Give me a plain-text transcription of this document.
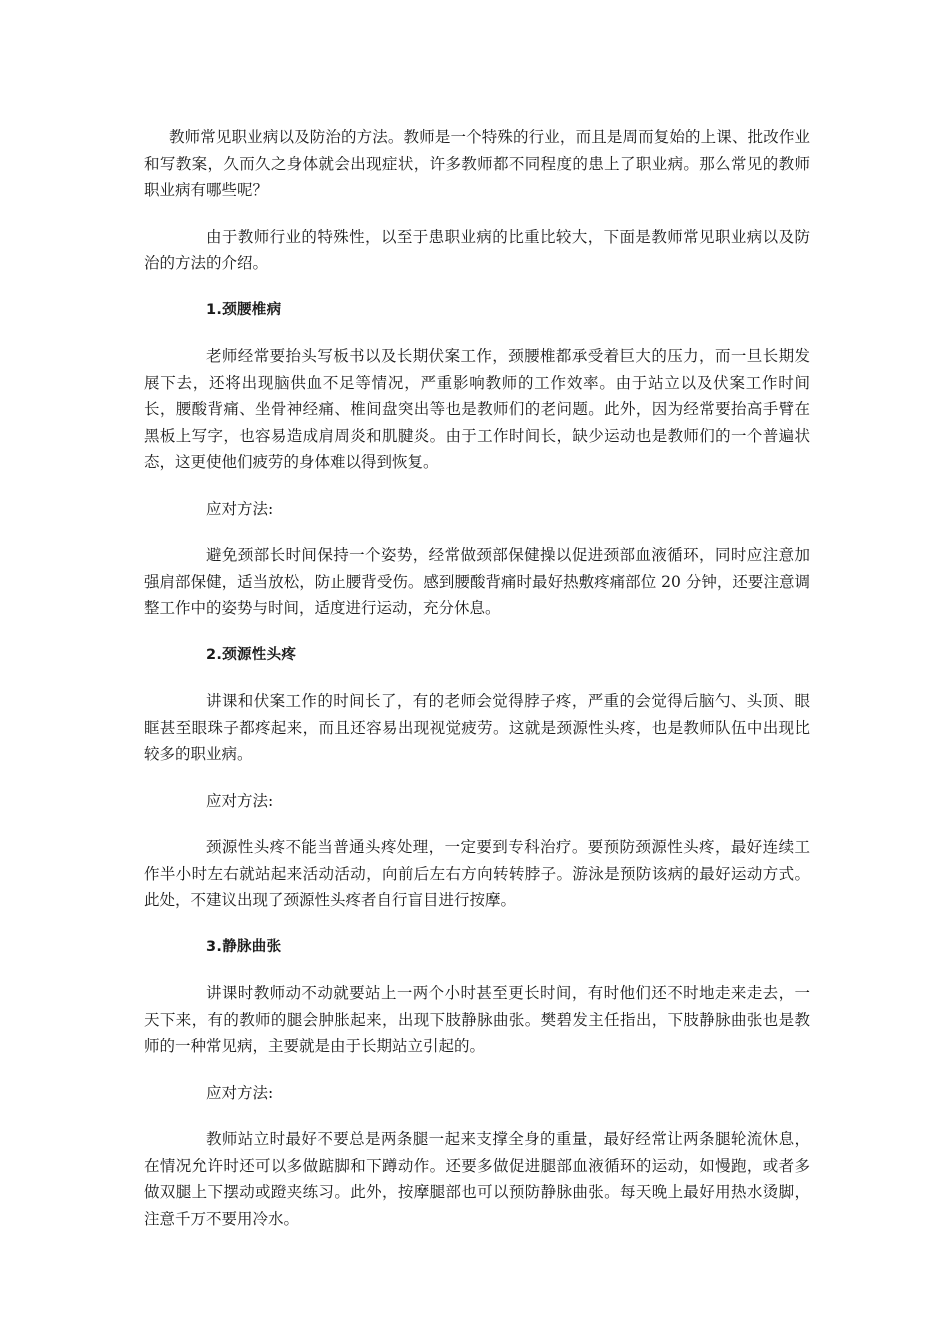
教师常见职业病以及防治的方法。教师是一个特殊的行业，而且是周而复始的上课、批改作业和写教案，久而久之身体就会出现症状，许多教师都不同程度的患上了职业病。那么常见的教师职业病有哪些呢？

由于教师行业的特殊性，以至于患职业病的比重比较大，下面是教师常见职业病以及防治的方法的介绍。

1.颈腰椎病

老师经常要抬头写板书以及长期伏案工作，颈腰椎都承受着巨大的压力，而一旦长期发展下去，还将出现脑供血不足等情况，严重影响教师的工作效率。由于站立以及伏案工作时间长，腰酸背痛、坐骨神经痛、椎间盘突出等也是教师们的老问题。此外，因为经常要抬高手臂在黑板上写字，也容易造成肩周炎和肌腱炎。由于工作时间长，缺少运动也是教师们的一个普遍状态，这更使他们疲劳的身体难以得到恢复。

应对方法:

避免颈部长时间保持一个姿势，经常做颈部保健操以促进颈部血液循环，同时应注意加强肩部保健，适当放松，防止腰背受伤。感到腰酸背痛时最好热敷疼痛部位 20 分钟，还要注意调整工作中的姿势与时间，适度进行运动，充分休息。

2.颈源性头疼

讲课和伏案工作的时间长了，有的老师会觉得脖子疼，严重的会觉得后脑勺、头顶、眼眶甚至眼珠子都疼起来，而且还容易出现视觉疲劳。这就是颈源性头疼，也是教师队伍中出现比较多的职业病。

应对方法:

颈源性头疼不能当普通头疼处理，一定要到专科治疗。要预防颈源性头疼，最好连续工作半小时左右就站起来活动活动，向前后左右方向转转脖子。游泳是预防该病的最好运动方式。此处，不建议出现了颈源性头疼者自行盲目进行按摩。

3.静脉曲张

讲课时教师动不动就要站上一两个小时甚至更长时间，有时他们还不时地走来走去，一天下来，有的教师的腿会肿胀起来，出现下肢静脉曲张。樊碧发主任指出，下肢静脉曲张也是教师的一种常见病，主要就是由于长期站立引起的。

应对方法:

教师站立时最好不要总是两条腿一起来支撑全身的重量，最好经常让两条腿轮流休息，在情况允许时还可以多做踮脚和下蹲动作。还要多做促进腿部血液循环的运动，如慢跑，或者多做双腿上下摆动或蹬夹练习。此外，按摩腿部也可以预防静脉曲张。每天晚上最好用热水烫脚，注意千万不要用冷水。
